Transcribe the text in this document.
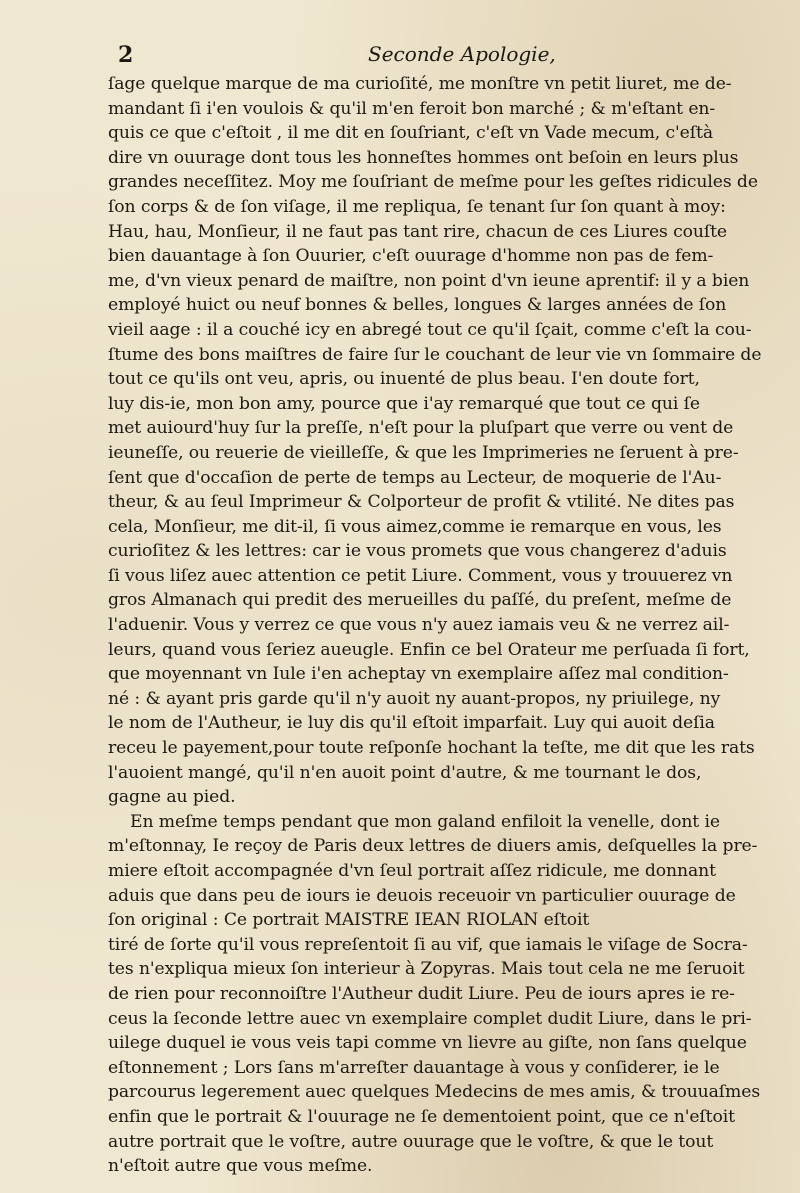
2	Seconde Apologie,
ſage quelque marque de ma curioſité, me monſtre vn petit liuret, me de-
mandant ſi i'en voulois & qu'il m'en feroit bon marché ; & m'eſtant en-
quis ce que c'eſtoit , il me dit en ſouſriant, c'eſt vn Vade mecum, c'eſtà
dire vn ouurage dont tous les honneſtes hommes ont beſoin en leurs plus
grandes neceſſitez. Moy me ſouſriant de meſme pour les geſtes ridicules de
ſon corps & de ſon viſage, il me repliqua, ſe tenant ſur ſon quant à moy:
Hau, hau, Monſieur, il ne faut pas tant rire, chacun de ces Liures couſte
bien dauantage à ſon Ouurier, c'eſt ouurage d'homme non pas de fem-
me, d'vn vieux penard de maiſtre, non point d'vn ieune aprentif: il y a bien
employé huict ou neuf bonnes & belles, longues & larges années de ſon
vieil aage : il a couché icy en abregé tout ce qu'il ſçait, comme c'eſt la cou-
ſtume des bons maiſtres de faire ſur le couchant de leur vie vn ſommaire de
tout ce qu'ils ont veu, apris, ou inuenté de plus beau. I'en doute fort,
luy dis-ie, mon bon amy, pource que i'ay remarqué que tout ce qui ſe
met auiourd'huy ſur la preſſe, n'eſt pour la pluſpart que verre ou vent de
ieuneſſe, ou reuerie de vieilleſſe, & que les Imprimeries ne ſeruent à pre-
ſent que d'occaſion de perte de temps au Lecteur, de moquerie de l'Au-
theur, & au ſeul Imprimeur & Colporteur de profit & vtilité. Ne dites pas
cela, Monſieur, me dit-il, ſi vous aimez,comme ie remarque en vous, les
curioſitez & les lettres: car ie vous promets que vous changerez d'aduis
ſi vous liſez auec attention ce petit Liure. Comment, vous y trouuerez vn
gros Almanach qui predit des merueilles du paſſé, du preſent, meſme de
l'aduenir. Vous y verrez ce que vous n'y auez iamais veu & ne verrez ail-
leurs, quand vous ſeriez aueugle. Enfin ce bel Orateur me perſuada ſi fort,
que moyennant vn Iule i'en acheptay vn exemplaire aſſez mal condition-
né : & ayant pris garde qu'il n'y auoit ny auant-propos, ny priuilege, ny
le nom de l'Autheur, ie luy dis qu'il eſtoit imparfait. Luy qui auoit deſia
receu le payement,pour toute reſponſe hochant la teſte, me dit que les rats
l'auoient mangé, qu'il n'en auoit point d'autre, & me tournant le dos,
gagne au pied.
En meſme temps pendant que mon galand enfiloit la venelle, dont ie
m'eſtonnay, Ie reçoy de Paris deux lettres de diuers amis, deſquelles la pre-
miere eſtoit accompagnée d'vn ſeul portrait aſſez ridicule, me donnant
aduis que dans peu de iours ie deuois receuoir vn particulier ouurage de
ſon original : Ce portrait MAISTRE IEAN RIOLAN eſtoit
tiré de ſorte qu'il vous repreſentoit ſi au vif, que iamais le viſage de Socra-
tes n'expliqua mieux ſon interieur à Zopyras. Mais tout cela ne me ſeruoit
de rien pour reconnoiſtre l'Autheur dudit Liure. Peu de iours apres ie re-
ceus la ſeconde lettre auec vn exemplaire complet dudit Liure, dans le pri-
uilege duquel ie vous veis tapi comme vn lievre au giſte, non ſans quelque
eſtonnement ; Lors ſans m'arreſter dauantage à vous y conſiderer, ie le
parcourus legerement auec quelques Medecins de mes amis, & trouuaſmes
enfin que le portrait & l'ouurage ne ſe dementoient point, que ce n'eſtoit
autre portrait que le voſtre, autre ouurage que le voſtre, & que le tout
n'eſtoit autre que vous meſme.
